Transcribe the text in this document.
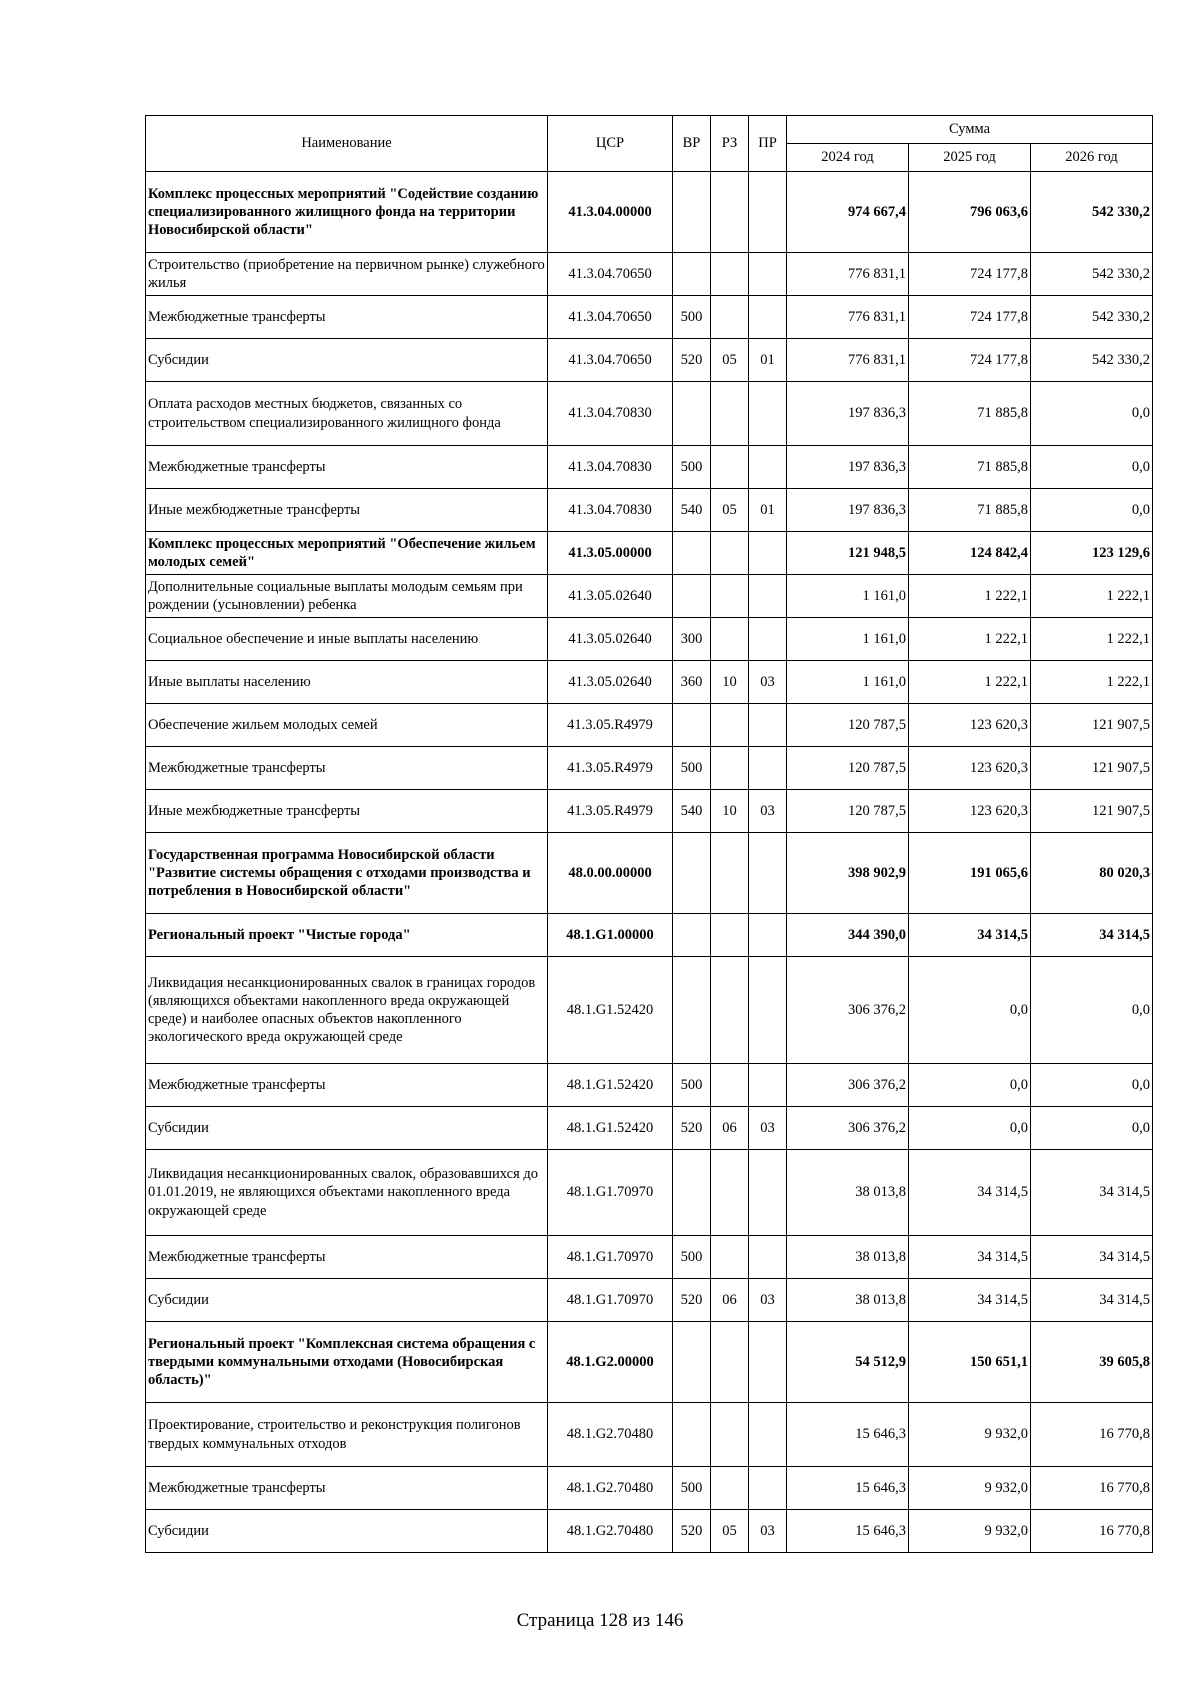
Наименование	ЦСР	ВР	РЗ	ПР	Сумма		
					2024 год	2025 год	2026 год
Комплекс процессных мероприятий "Содействие созданию специализированного жилищного фонда на территории Новосибирской области"	41.3.04.00000				974 667,4	796 063,6	542 330,2
Строительство (приобретение на первичном рынке) служебного жилья	41.3.04.70650				776 831,1	724 177,8	542 330,2
Межбюджетные трансферты	41.3.04.70650	500			776 831,1	724 177,8	542 330,2
Субсидии	41.3.04.70650	520	05	01	776 831,1	724 177,8	542 330,2
Оплата расходов местных бюджетов, связанных со строительством специализированного жилищного фонда	41.3.04.70830				197 836,3	71 885,8	0,0
Межбюджетные трансферты	41.3.04.70830	500			197 836,3	71 885,8	0,0
Иные межбюджетные трансферты	41.3.04.70830	540	05	01	197 836,3	71 885,8	0,0
Комплекс процессных мероприятий "Обеспечение жильем молодых семей"	41.3.05.00000				121 948,5	124 842,4	123 129,6
Дополнительные социальные выплаты молодым семьям при рождении (усыновлении) ребенка	41.3.05.02640				1 161,0	1 222,1	1 222,1
Социальное обеспечение и иные выплаты населению	41.3.05.02640	300			1 161,0	1 222,1	1 222,1
Иные выплаты населению	41.3.05.02640	360	10	03	1 161,0	1 222,1	1 222,1
Обеспечение жильем молодых семей	41.3.05.R4979				120 787,5	123 620,3	121 907,5
Межбюджетные трансферты	41.3.05.R4979	500			120 787,5	123 620,3	121 907,5
Иные межбюджетные трансферты	41.3.05.R4979	540	10	03	120 787,5	123 620,3	121 907,5
Государственная программа Новосибирской области "Развитие системы обращения с отходами производства и потребления в Новосибирской области"	48.0.00.00000				398 902,9	191 065,6	80 020,3
Региональный проект "Чистые города"	48.1.G1.00000				344 390,0	34 314,5	34 314,5
Ликвидация несанкционированных свалок в границах городов (являющихся объектами накопленного вреда окружающей среде) и наиболее опасных объектов накопленного экологического вреда окружающей среде	48.1.G1.52420				306 376,2	0,0	0,0
Межбюджетные трансферты	48.1.G1.52420	500			306 376,2	0,0	0,0
Субсидии	48.1.G1.52420	520	06	03	306 376,2	0,0	0,0
Ликвидация несанкционированных свалок, образовавшихся до 01.01.2019, не являющихся объектами накопленного вреда окружающей среде	48.1.G1.70970				38 013,8	34 314,5	34 314,5
Межбюджетные трансферты	48.1.G1.70970	500			38 013,8	34 314,5	34 314,5
Субсидии	48.1.G1.70970	520	06	03	38 013,8	34 314,5	34 314,5
Региональный проект "Комплексная система обращения с твердыми коммунальными отходами (Новосибирская область)"	48.1.G2.00000				54 512,9	150 651,1	39 605,8
Проектирование, строительство и реконструкция полигонов твердых коммунальных отходов	48.1.G2.70480				15 646,3	9 932,0	16 770,8
Межбюджетные трансферты	48.1.G2.70480	500			15 646,3	9 932,0	16 770,8
Субсидии	48.1.G2.70480	520	05	03	15 646,3	9 932,0	16 770,8
Страница 128 из 146
